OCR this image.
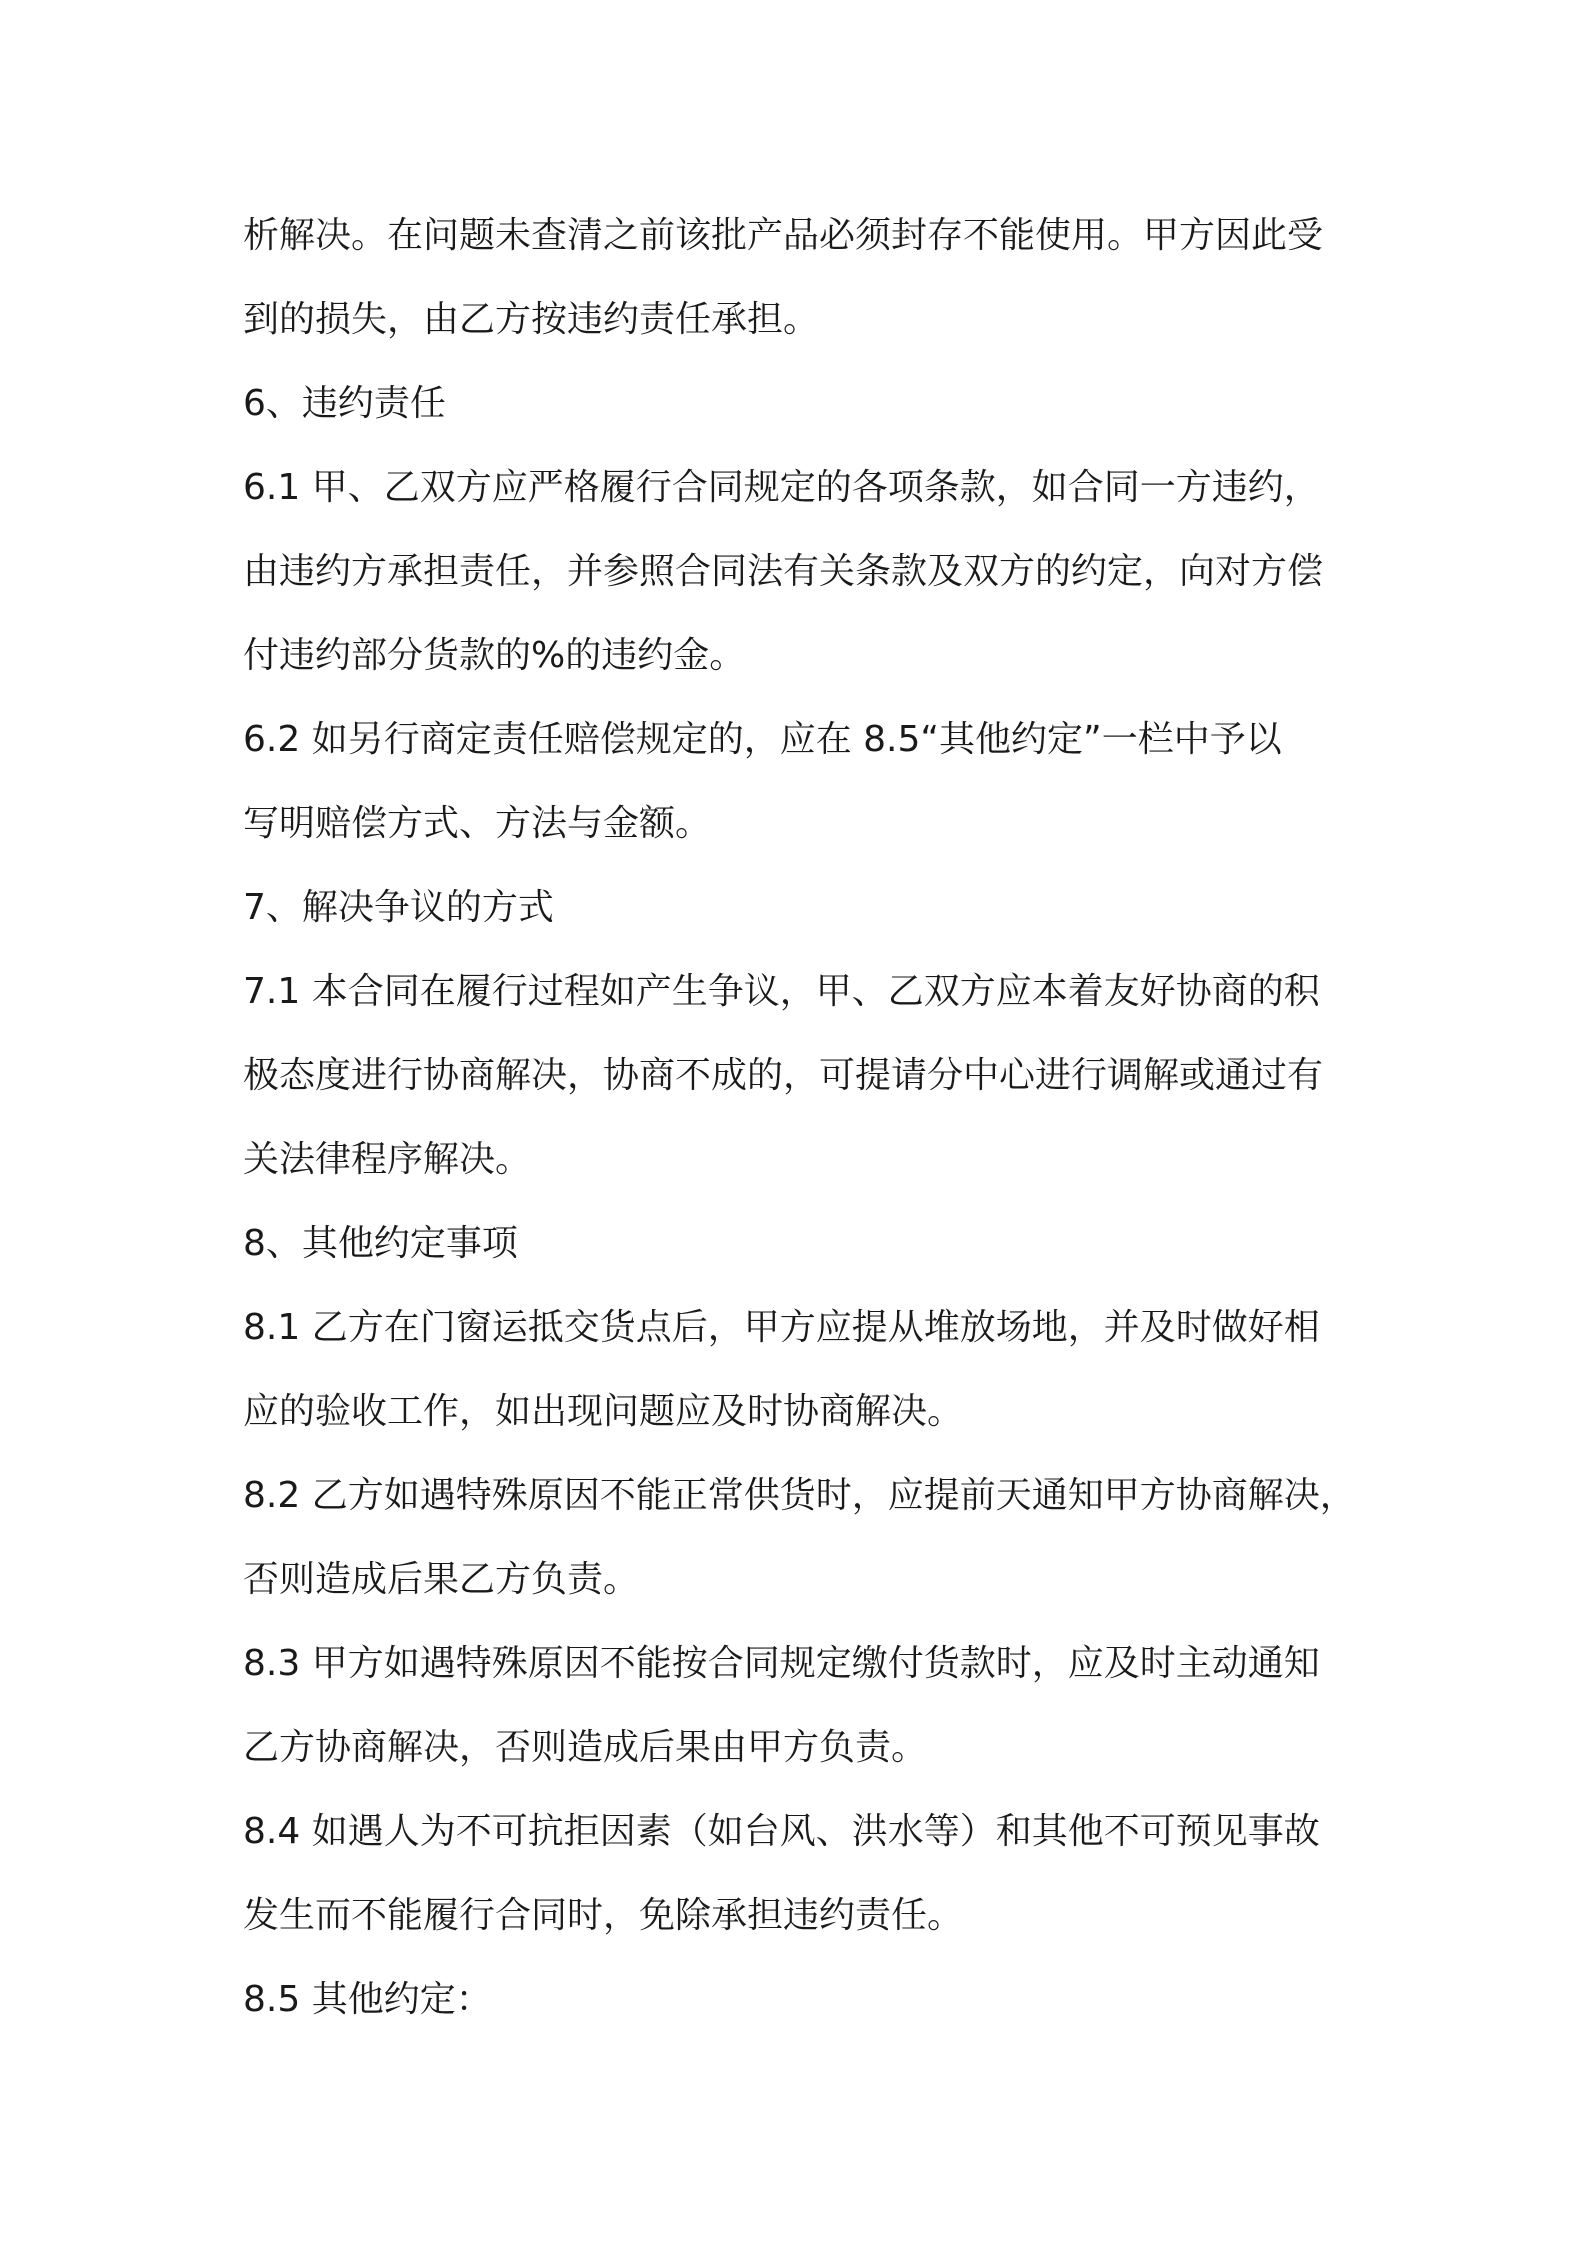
析解决。在问题未查清之前该批产品必须封存不能使用。甲方因此受
到的损失，由乙方按违约责任承担。
6、违约责任
6.1 甲、乙双方应严格履行合同规定的各项条款，如合同一方违约，
由违约方承担责任，并参照合同法有关条款及双方的约定，向对方偿
付违约部分货款的%的违约金。
6.2 如另行商定责任赔偿规定的，应在 8.5“其他约定”一栏中予以
写明赔偿方式、方法与金额。
7、解决争议的方式
7.1 本合同在履行过程如产生争议，甲、乙双方应本着友好协商的积
极态度进行协商解决，协商不成的，可提请分中心进行调解或通过有
关法律程序解决。
8、其他约定事项
8.1 乙方在门窗运抵交货点后，甲方应提从堆放场地，并及时做好相
应的验收工作，如出现问题应及时协商解决。
8.2 乙方如遇特殊原因不能正常供货时，应提前天通知甲方协商解决，
否则造成后果乙方负责。
8.3 甲方如遇特殊原因不能按合同规定缴付货款时，应及时主动通知
乙方协商解决，否则造成后果由甲方负责。
8.4 如遇人为不可抗拒因素（如台风、洪水等）和其他不可预见事故
发生而不能履行合同时，免除承担违约责任。
8.5 其他约定：
